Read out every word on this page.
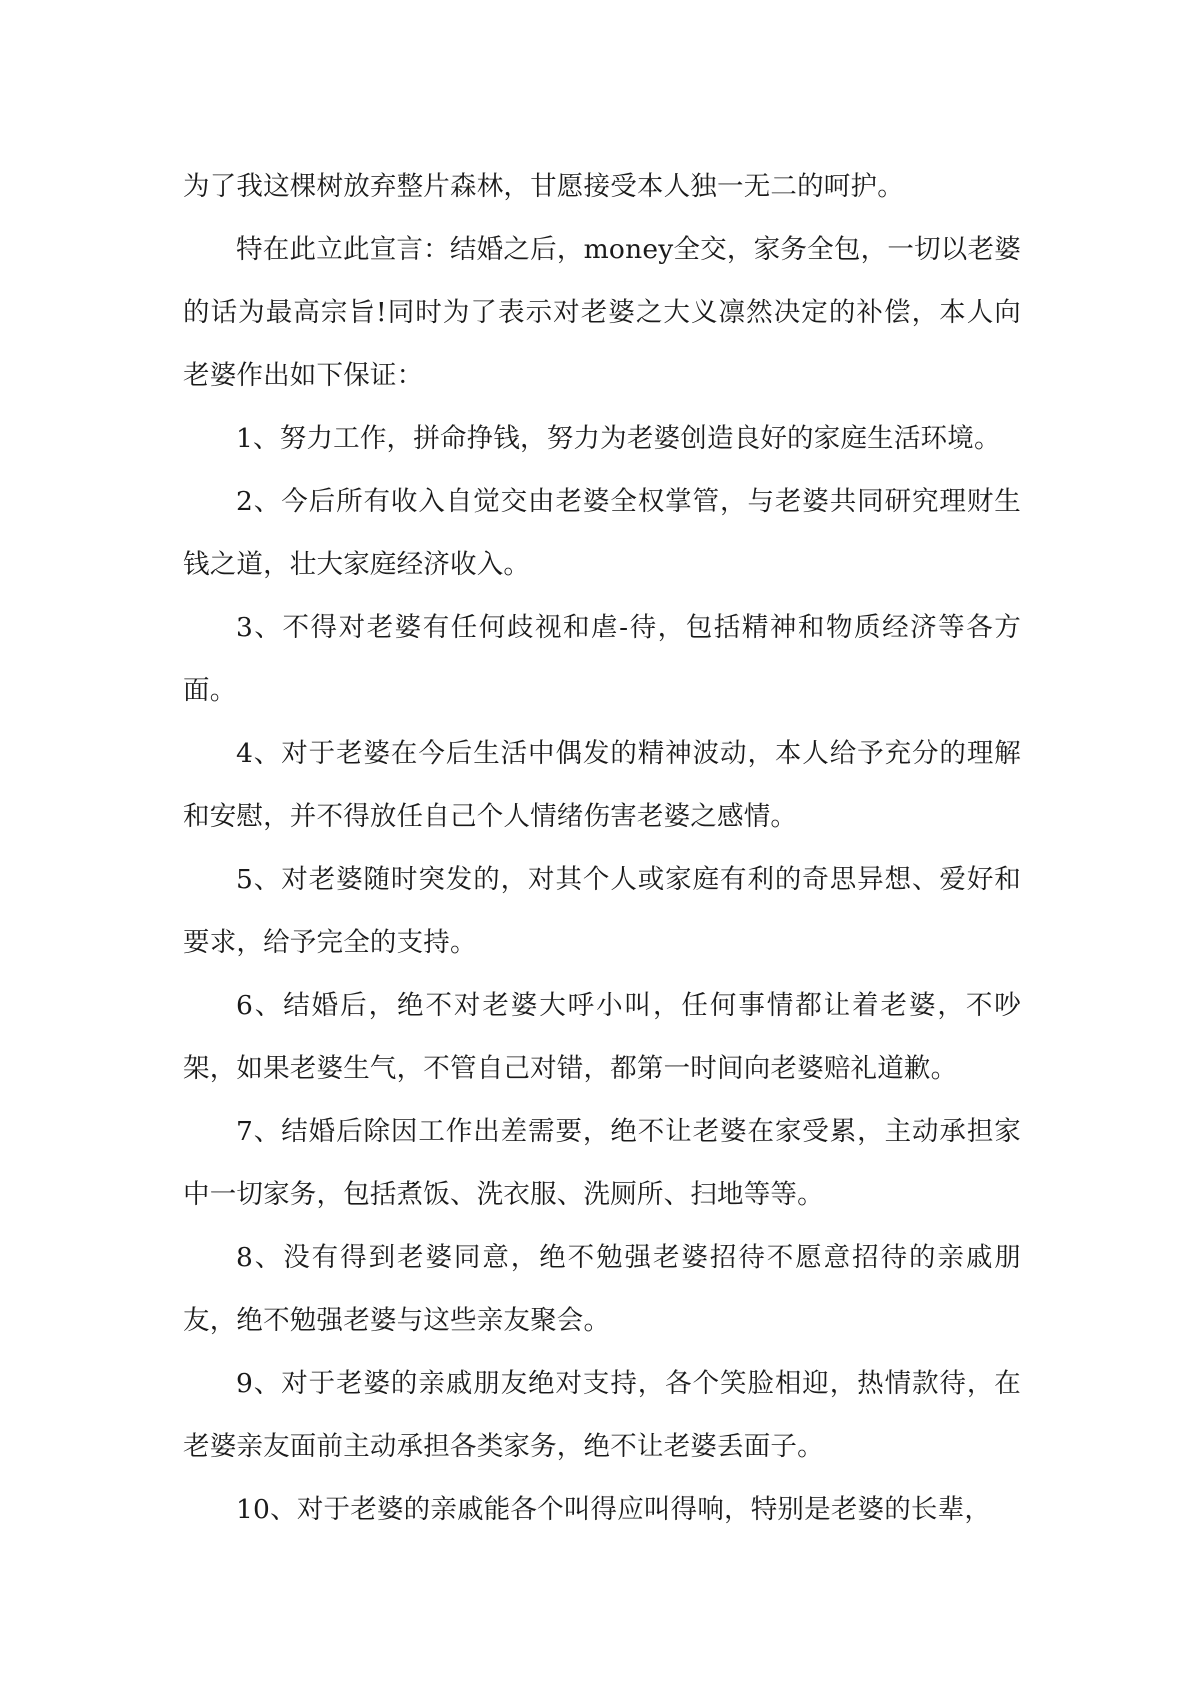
为了我这棵树放弃整片森林，甘愿接受本人独一无二的呵护。

特在此立此宣言：结婚之后，money全交，家务全包，一切以老婆的话为最高宗旨!同时为了表示对老婆之大义凛然决定的补偿，本人向老婆作出如下保证：

1、努力工作，拼命挣钱，努力为老婆创造良好的家庭生活环境。

2、今后所有收入自觉交由老婆全权掌管，与老婆共同研究理财生钱之道，壮大家庭经济收入。

3、不得对老婆有任何歧视和虐-待，包括精神和物质经济等各方面。

4、对于老婆在今后生活中偶发的精神波动，本人给予充分的理解和安慰，并不得放任自己个人情绪伤害老婆之感情。

5、对老婆随时突发的，对其个人或家庭有利的奇思异想、爱好和要求，给予完全的支持。

6、结婚后，绝不对老婆大呼小叫，任何事情都让着老婆，不吵架，如果老婆生气，不管自己对错，都第一时间向老婆赔礼道歉。

7、结婚后除因工作出差需要，绝不让老婆在家受累，主动承担家中一切家务，包括煮饭、洗衣服、洗厕所、扫地等等。

8、没有得到老婆同意，绝不勉强老婆招待不愿意招待的亲戚朋友，绝不勉强老婆与这些亲友聚会。

9、对于老婆的亲戚朋友绝对支持，各个笑脸相迎，热情款待，在老婆亲友面前主动承担各类家务，绝不让老婆丢面子。

10、对于老婆的亲戚能各个叫得应叫得响，特别是老婆的长辈，
